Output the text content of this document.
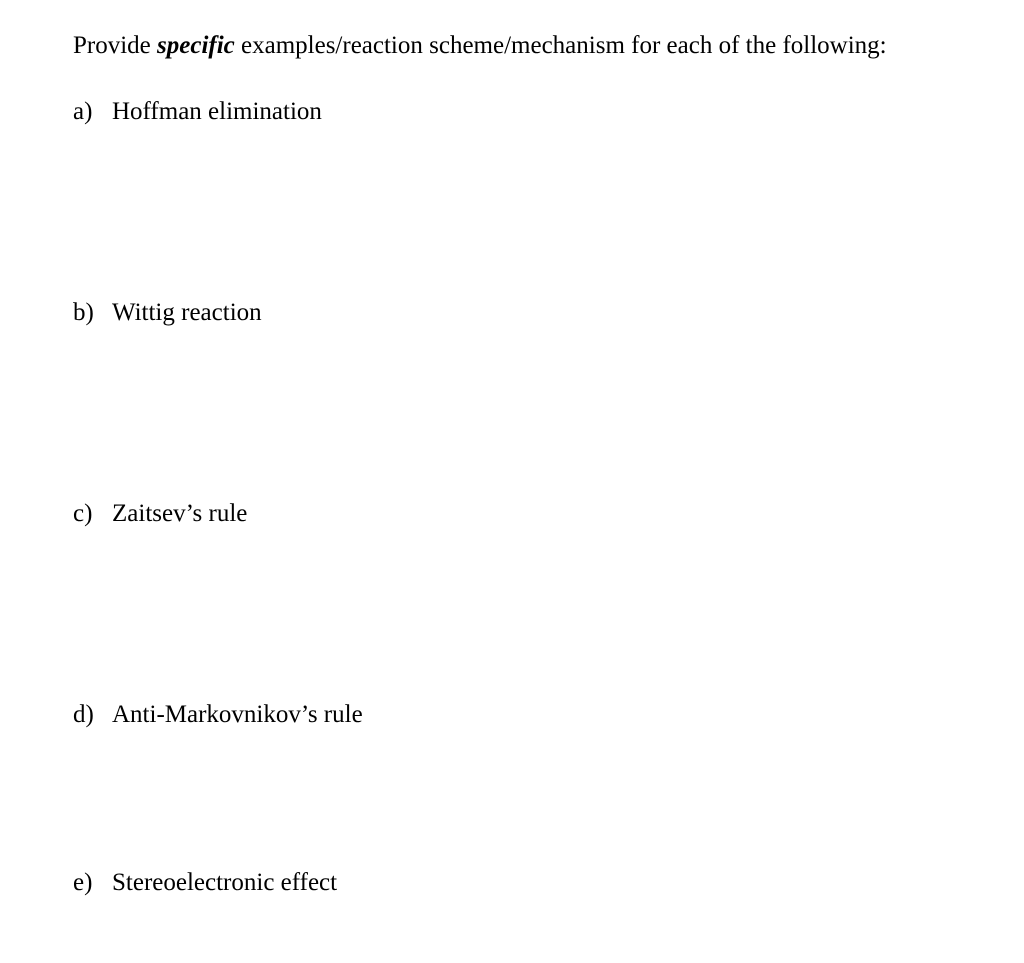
Provide specific examples/reaction scheme/mechanism for each of the following:
a) Hoffman elimination
b) Wittig reaction
c) Zaitsev’s rule
d) Anti-Markovnikov’s rule
e) Stereoelectronic effect
